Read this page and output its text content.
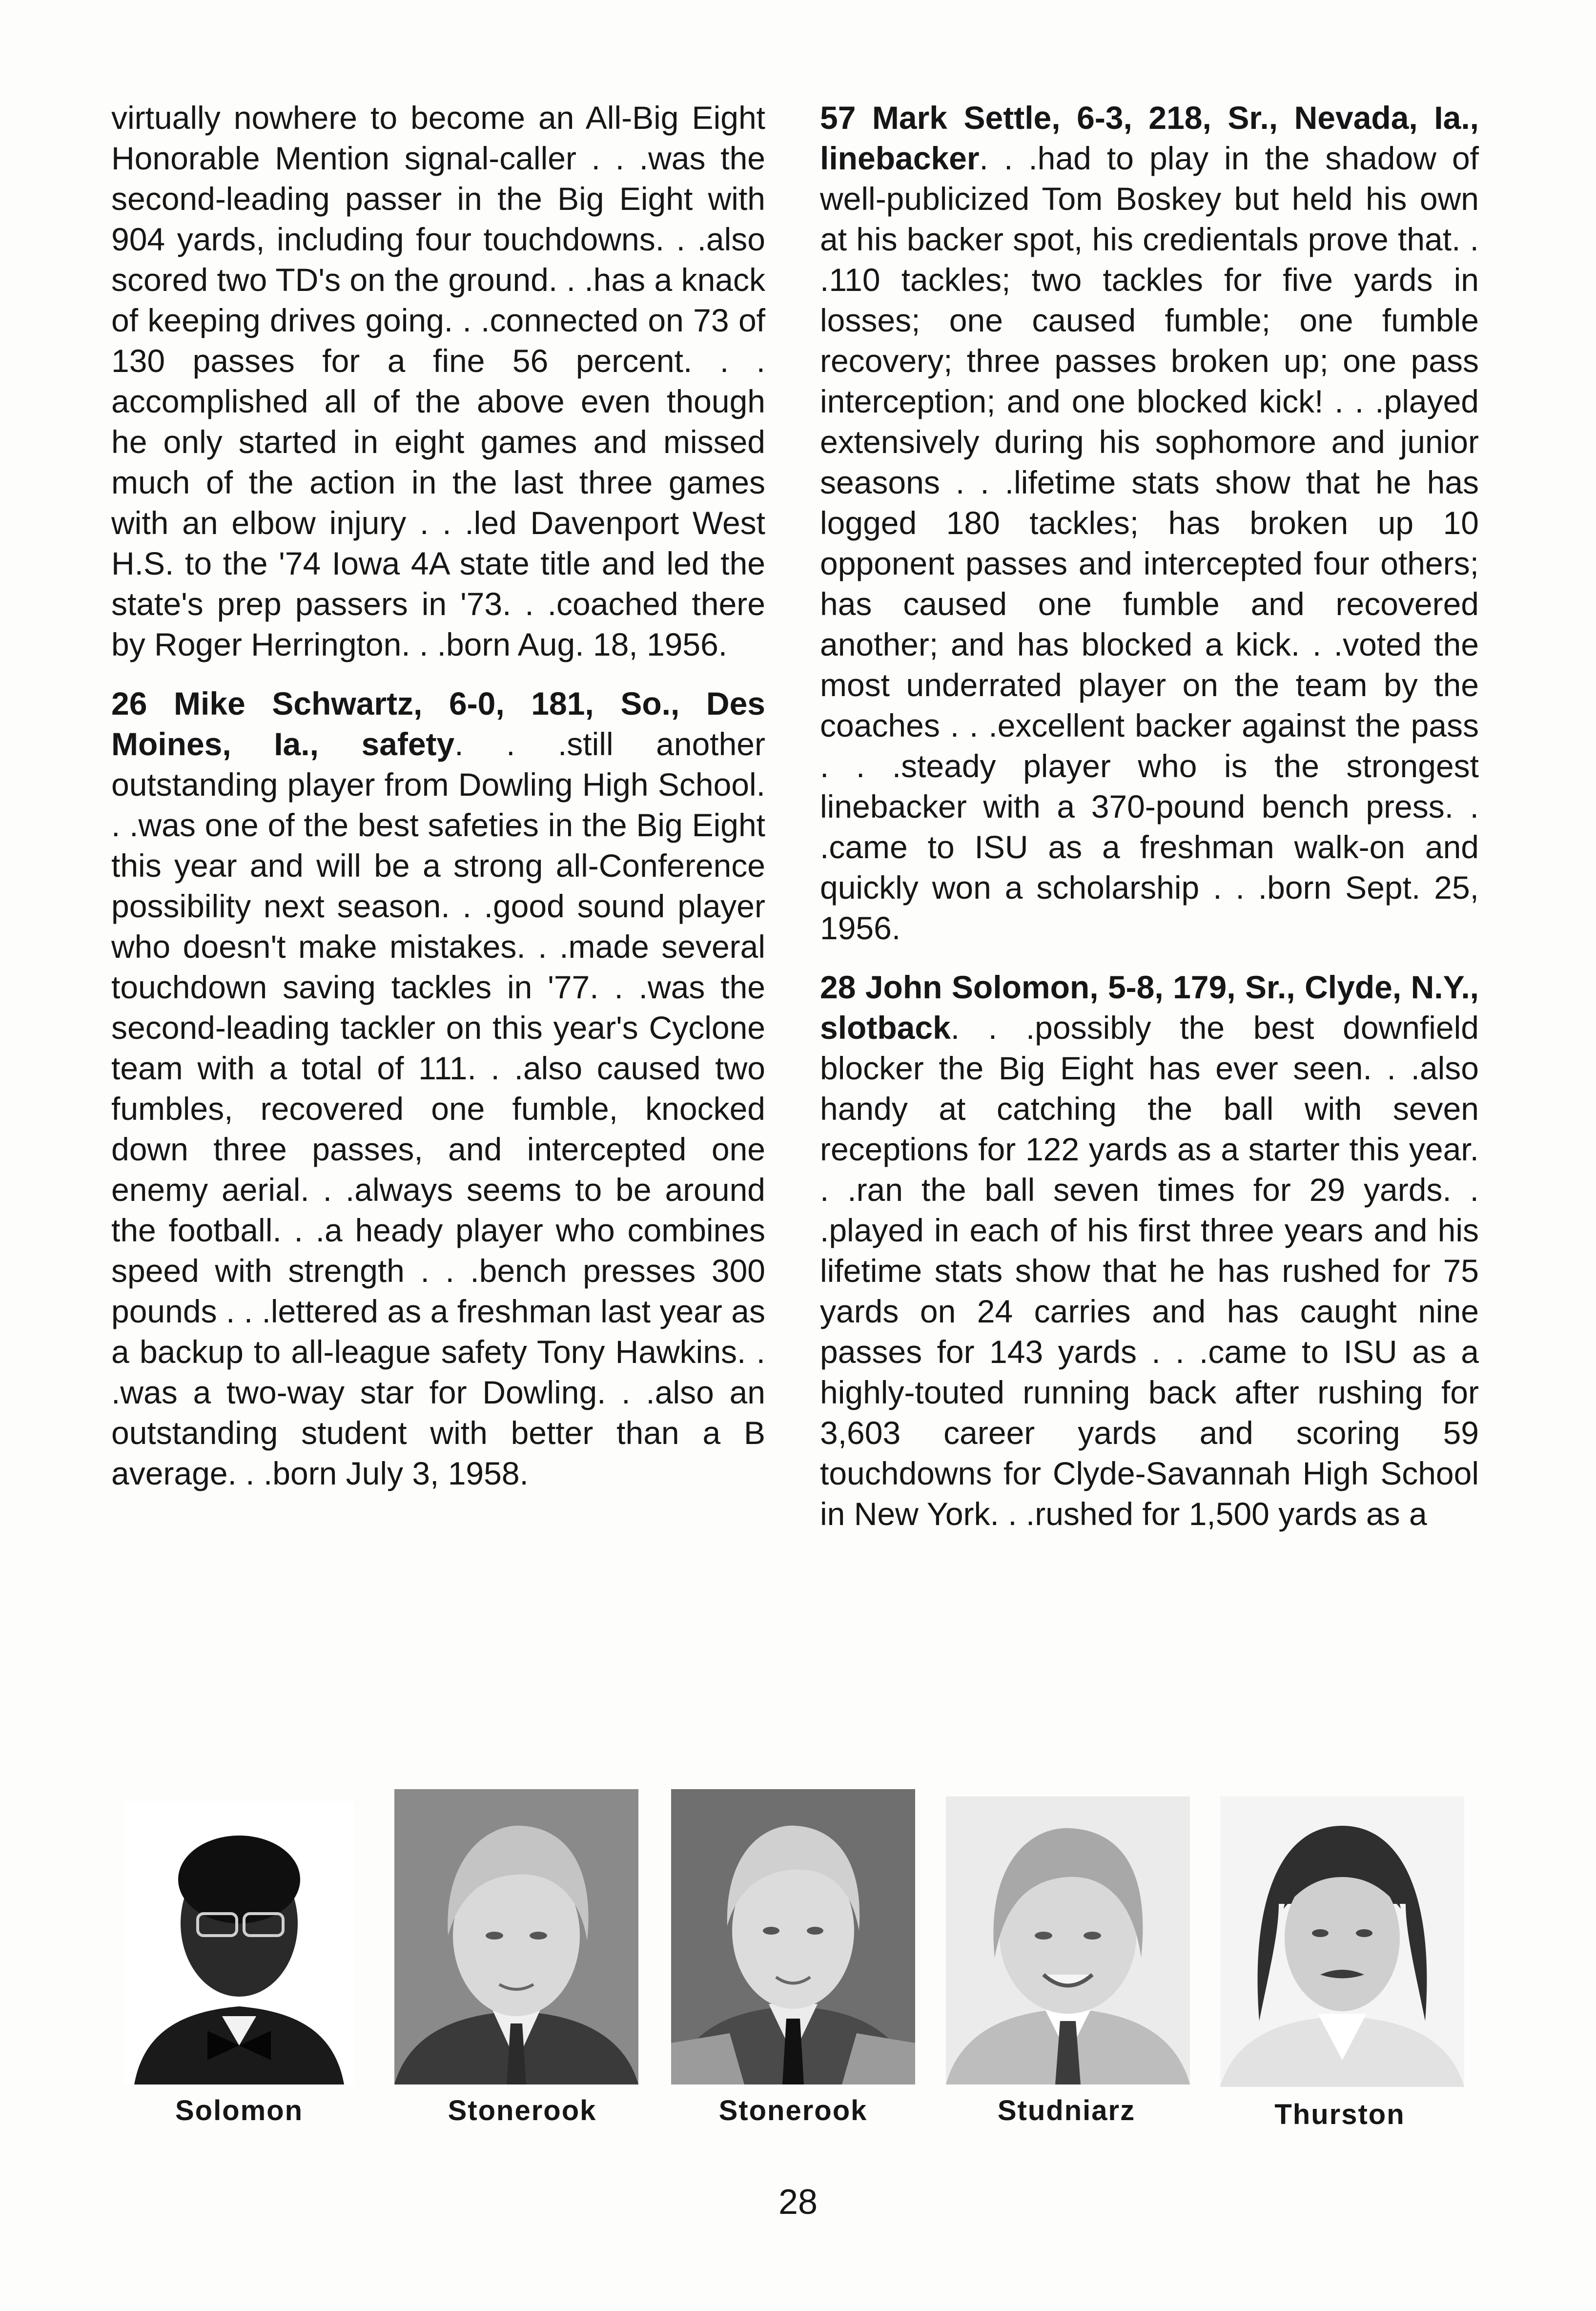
virtually nowhere to become an All-Big Eight Honorable Mention signal-caller . . .was the second-leading passer in the Big Eight with 904 yards, including four touchdowns. . .also scored two TD's on the ground. . .has a knack of keeping drives going. . .connected on 73 of 130 passes for a fine 56 percent. . . accomplished all of the above even though he only started in eight games and missed much of the action in the last three games with an elbow injury . . .led Davenport West H.S. to the '74 Iowa 4A state title and led the state's prep passers in '73. . .coached there by Roger Herrington. . .born Aug. 18, 1956.

26 Mike Schwartz, 6-0, 181, So., Des Moines, Ia., safety. . .still another outstanding player from Dowling High School. . .was one of the best safeties in the Big Eight this year and will be a strong all-Conference possibility next season. . .good sound player who doesn't make mistakes. . .made several touchdown saving tackles in '77. . .was the second-leading tackler on this year's Cyclone team with a total of 111. . .also caused two fumbles, recovered one fumble, knocked down three passes, and intercepted one enemy aerial. . .always seems to be around the football. . .a heady player who combines speed with strength . . .bench presses 300 pounds . . .lettered as a freshman last year as a backup to all-league safety Tony Hawkins. . .was a two-way star for Dowling. . .also an outstanding student with better than a B average. . .born July 3, 1958.

57 Mark Settle, 6-3, 218, Sr., Nevada, Ia., linebacker. . .had to play in the shadow of well-publicized Tom Boskey but held his own at his backer spot, his credientals prove that. . .110 tackles; two tackles for five yards in losses; one caused fumble; one fumble recovery; three passes broken up; one pass interception; and one blocked kick! . . .played extensively during his sophomore and junior seasons . . .lifetime stats show that he has logged 180 tackles; has broken up 10 opponent passes and intercepted four others; has caused one fumble and recovered another; and has blocked a kick. . .voted the most underrated player on the team by the coaches . . .excellent backer against the pass . . .steady player who is the strongest linebacker with a 370-pound bench press. . .came to ISU as a freshman walk-on and quickly won a scholarship . . .born Sept. 25, 1956.

28 John Solomon, 5-8, 179, Sr., Clyde, N.Y., slotback. . .possibly the best downfield blocker the Big Eight has ever seen. . .also handy at catching the ball with seven receptions for 122 yards as a starter this year. . .ran the ball seven times for 29 yards. . .played in each of his first three years and his lifetime stats show that he has rushed for 75 yards on 24 carries and has caught nine passes for 143 yards . . .came to ISU as a highly-touted running back after rushing for 3,603 career yards and scoring 59 touchdowns for Clyde-Savannah High School in New York. . .rushed for 1,500 yards as a

Solomon	Stonerook	Stonerook	Studniarz	Thurston
28
